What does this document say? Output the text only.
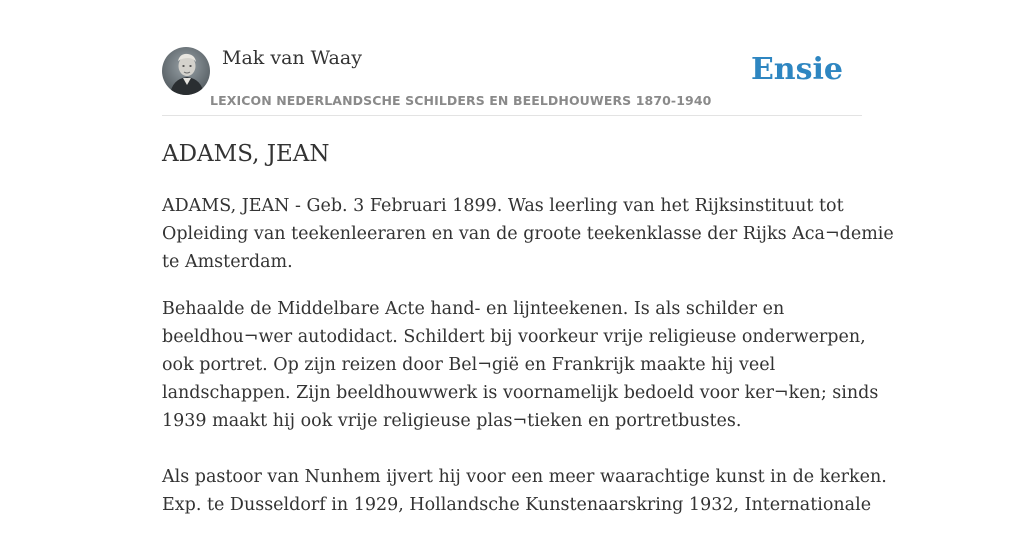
Mak van Waay
LEXICON NEDERLANDSCHE SCHILDERS EN BEELDHOUWERS 1870-1940
Ensie
ADAMS, JEAN

ADAMS, JEAN - Geb. 3 Februari 1899. Was leerling van het Rijksinstituut tot
Opleiding van teekenleeraren en van de groote teekenklasse der Rijks Aca¬demie
te Amsterdam.

Behaalde de Middelbare Acte hand- en lijnteekenen. Is als schilder en
beeldhou¬wer autodidact. Schildert bij voorkeur vrije religieuse onderwerpen,
ook portret. Op zijn reizen door Bel¬gië en Frankrijk maakte hij veel
landschappen. Zijn beeldhouwwerk is voornamelijk bedoeld voor ker¬ken; sinds
1939 maakt hij ook vrije religieuse plas¬tieken en portretbustes.

Als pastoor van Nunhem ijvert hij voor een meer waarachtige kunst in de kerken.
Exp. te Dusseldorf in 1929, Hollandsche Kunstenaarskring 1932, Internationale
